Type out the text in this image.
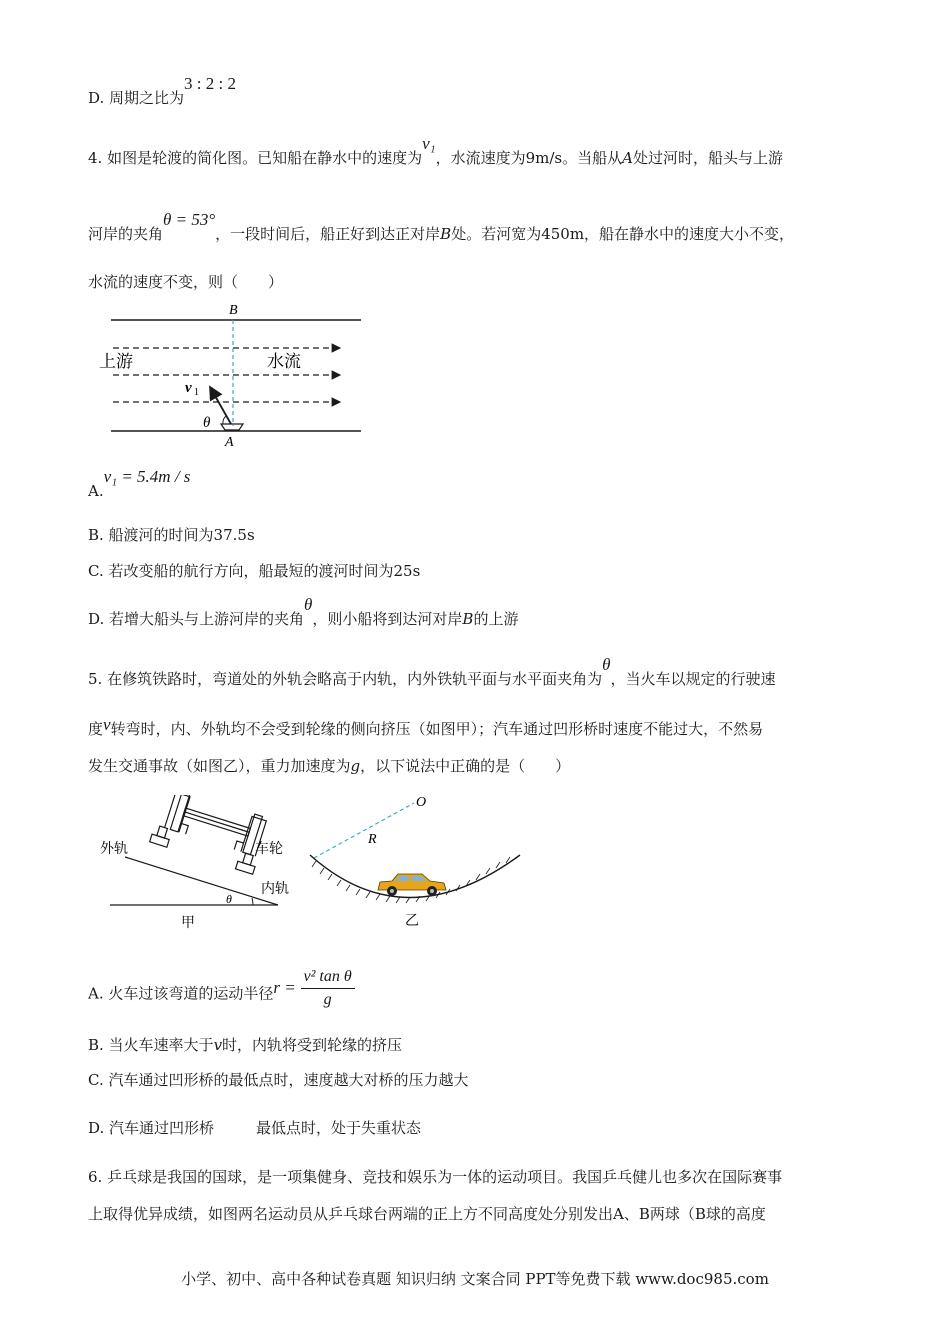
D. 周期之比为3 : 2 : 2
4. 如图是轮渡的简化图。已知船在静水中的速度为v₁，水流速度为9m/s。当船从A处过河时，船头与上游
河岸的夹角θ = 53°，一段时间后，船正好到达正对岸B处。若河宽为450m，船在静水中的速度大小不变，
水流的速度不变，则（　　）
B
上游	水流
v 1
θ
A
A.v₁ = 5.4m / s
B. 船渡河的时间为37.5s
C. 若改变船的航行方向，船最短的渡河时间为25s
D. 若增大船头与上游河岸的夹角θ，则小船将到达河对岸B的上游
5. 在修筑铁路时，弯道处的外轨会略高于内轨，内外铁轨平面与水平面夹角为θ，当火车以规定的行驶速
度v转弯时，内、外轨均不会受到轮缘的侧向挤压（如图甲）；汽车通过凹形桥时速度不能过大，不然易
发生交通事故（如图乙），重力加速度为g，以下说法中正确的是（　　）
外轨	车轮
内轨
θ
甲
O
R
乙
A. 火车过该弯道的运动半径$r = \frac{\text{v² tan θ}}{g}$
B. 当火车速率大于v时，内轨将受到轮缘的挤压
C. 汽车通过凹形桥的最低点时，速度越大对桥的压力越大
D. 汽车通过凹形桥	最低点时，处于失重状态
6. 乒乓球是我国的国球，是一项集健身、竞技和娱乐为一体的运动项目。我国乒乓健儿也多次在国际赛事
上取得优异成绩，如图两名运动员从乒乓球台两端的正上方不同高度处分别发出A、B两球（B球的高度
小学、初中、高中各种试卷真题 知识归纳 文案合同 PPT等免费下载 www.doc985.com
